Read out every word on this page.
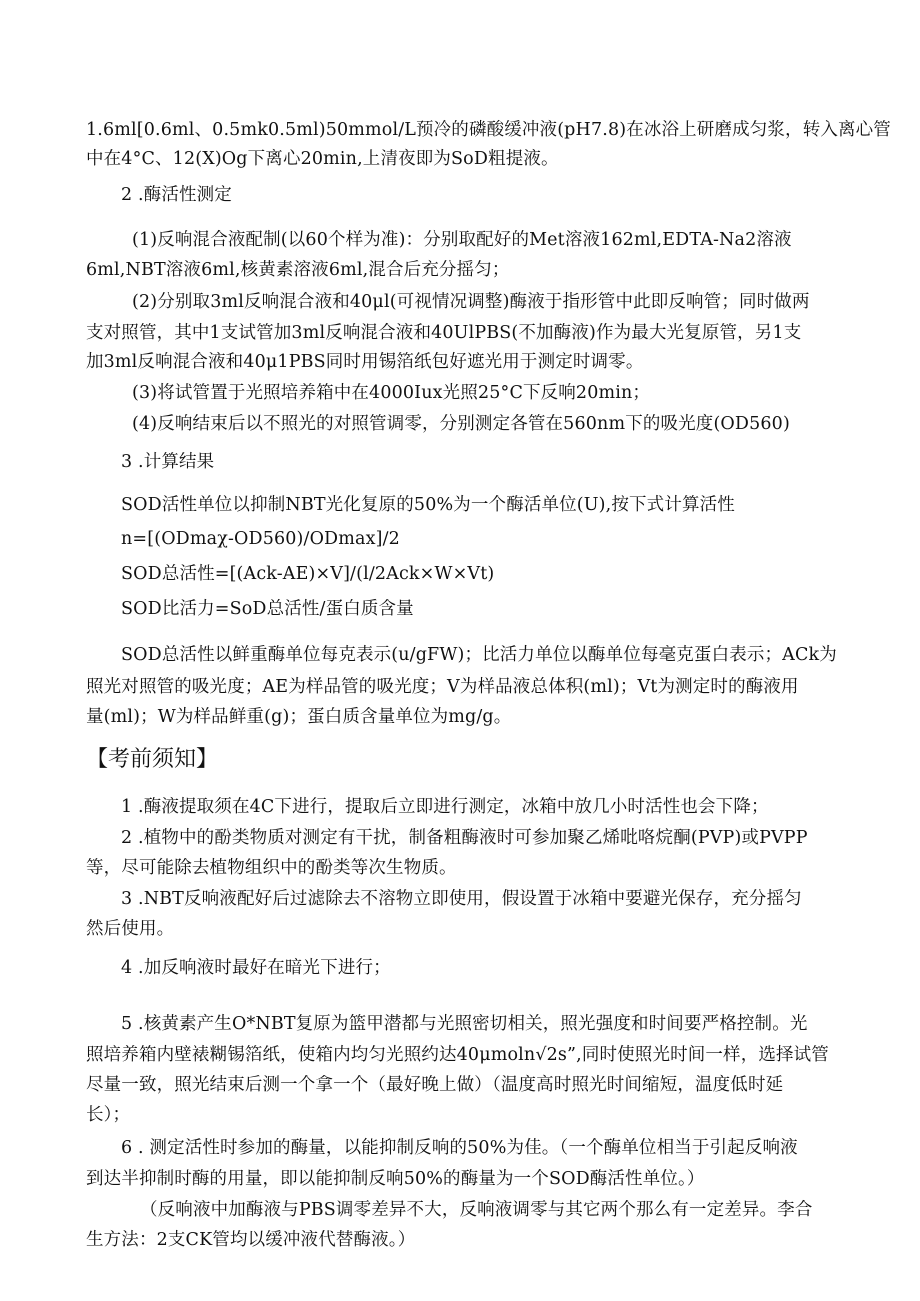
1.6ml[0.6ml、0.5mk0.5ml)50mmol∕L预冷的磷酸缓冲液(pH7.8)在冰浴上研磨成匀浆，转入离心管

中在4°C、12(X)Og下离心20min,上清夜即为SoD粗提液。

2 .酶活性测定

(1)反响混合液配制(以60个样为准)：分别取配好的Met溶液162ml,EDTA-Na2溶液

6ml,NBT溶液6ml,核黄素溶液6ml,混合后充分摇匀；

(2)分别取3ml反响混合液和40μl(可视情况调整)酶液于指形管中此即反响管；同时做两

支对照管，其中1支试管加3ml反响混合液和40UlPBS(不加酶液)作为最大光复原管，另1支

加3ml反响混合液和40μ1PBS同时用锡箔纸包好遮光用于测定时调零。

(3)将试管置于光照培养箱中在4000Iux光照25°C下反响20min；

(4)反响结束后以不照光的对照管调零，分别测定各管在560nm下的吸光度(OD560)

3 .计算结果

SOD活性单位以抑制NBT光化复原的50%为一个酶活单位(U),按下式计算活性

n=[(ODmaχ-OD560)∕ODmax]∕2

SOD总活性=[(Ack-AE)×V]/(l∕2Ack×W×Vt)

SOD比活力=SoD总活性/蛋白质含量

SOD总活性以鲜重酶单位每克表示(u/gFW)；比活力单位以酶单位每毫克蛋白表示；ACk为

照光对照管的吸光度；AE为样品管的吸光度；V为样品液总体积(ml)；Vt为测定时的酶液用

量(ml)；W为样品鲜重(g)；蛋白质含量单位为mg/g。

【考前须知】

1 .酶液提取须在4C下进行，提取后立即进行测定，冰箱中放几小时活性也会下降；

2 .植物中的酚类物质对测定有干扰，制备粗酶液时可参加聚乙烯吡咯烷酮(PVP)或PVPP

等，尽可能除去植物组织中的酚类等次生物质。

3 .NBT反响液配好后过滤除去不溶物立即使用，假设置于冰箱中要避光保存，充分摇匀

然后使用。

4 .加反响液时最好在暗光下进行；

5 .核黄素产生O*NBT复原为篮甲潜都与光照密切相关，照光强度和时间要严格控制。光

照培养箱内壁裱糊锡箔纸，使箱内均匀光照约达40μmoln√2s”,同时使照光时间一样，选择试管

尽量一致，照光结束后测一个拿一个（最好晚上做）（温度高时照光时间缩短，温度低时延

长）；

6 . 测定活性时参加的酶量，以能抑制反响的50%为佳。（一个酶单位相当于引起反响液

到达半抑制时酶的用量，即以能抑制反响50%的酶量为一个SOD酶活性单位。）

（反响液中加酶液与PBS调零差异不大，反响液调零与其它两个那么有一定差异。李合

生方法：2支CK管均以缓冲液代替酶液。）
